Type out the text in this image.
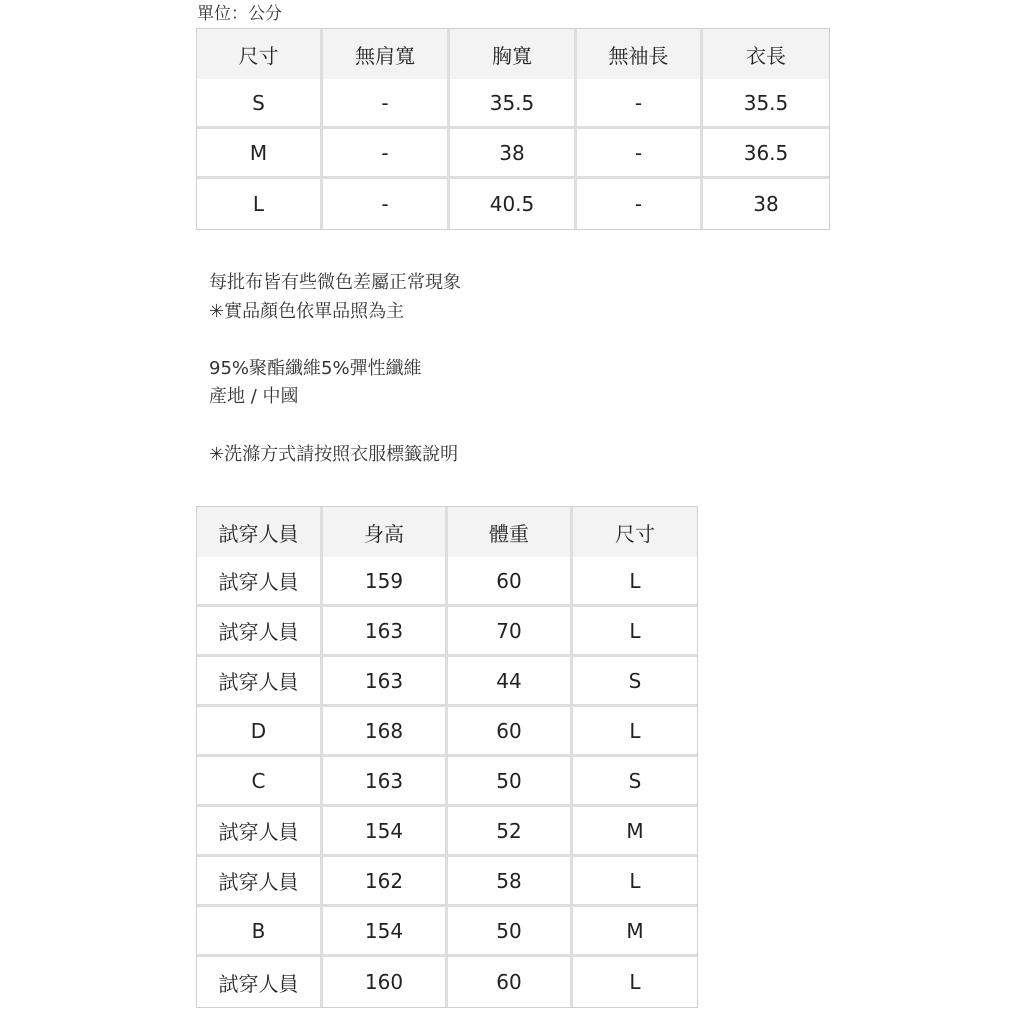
單位：公分
尺寸	無肩寬	胸寬	無袖長	衣長
S	-	35.5	-	35.5
M	-	38	-	36.5
L	-	40.5	-	38
每批布皆有些微色差屬正常現象
✳實品顏色依單品照為主
95%聚酯纖維5%彈性纖維
產地 / 中國
✳洗滌方式請按照衣服標籤說明
試穿人員	身高	體重	尺寸
試穿人員	159	60	L
試穿人員	163	70	L
試穿人員	163	44	S
D	168	60	L
C	163	50	S
試穿人員	154	52	M
試穿人員	162	58	L
B	154	50	M
試穿人員	160	60	L
